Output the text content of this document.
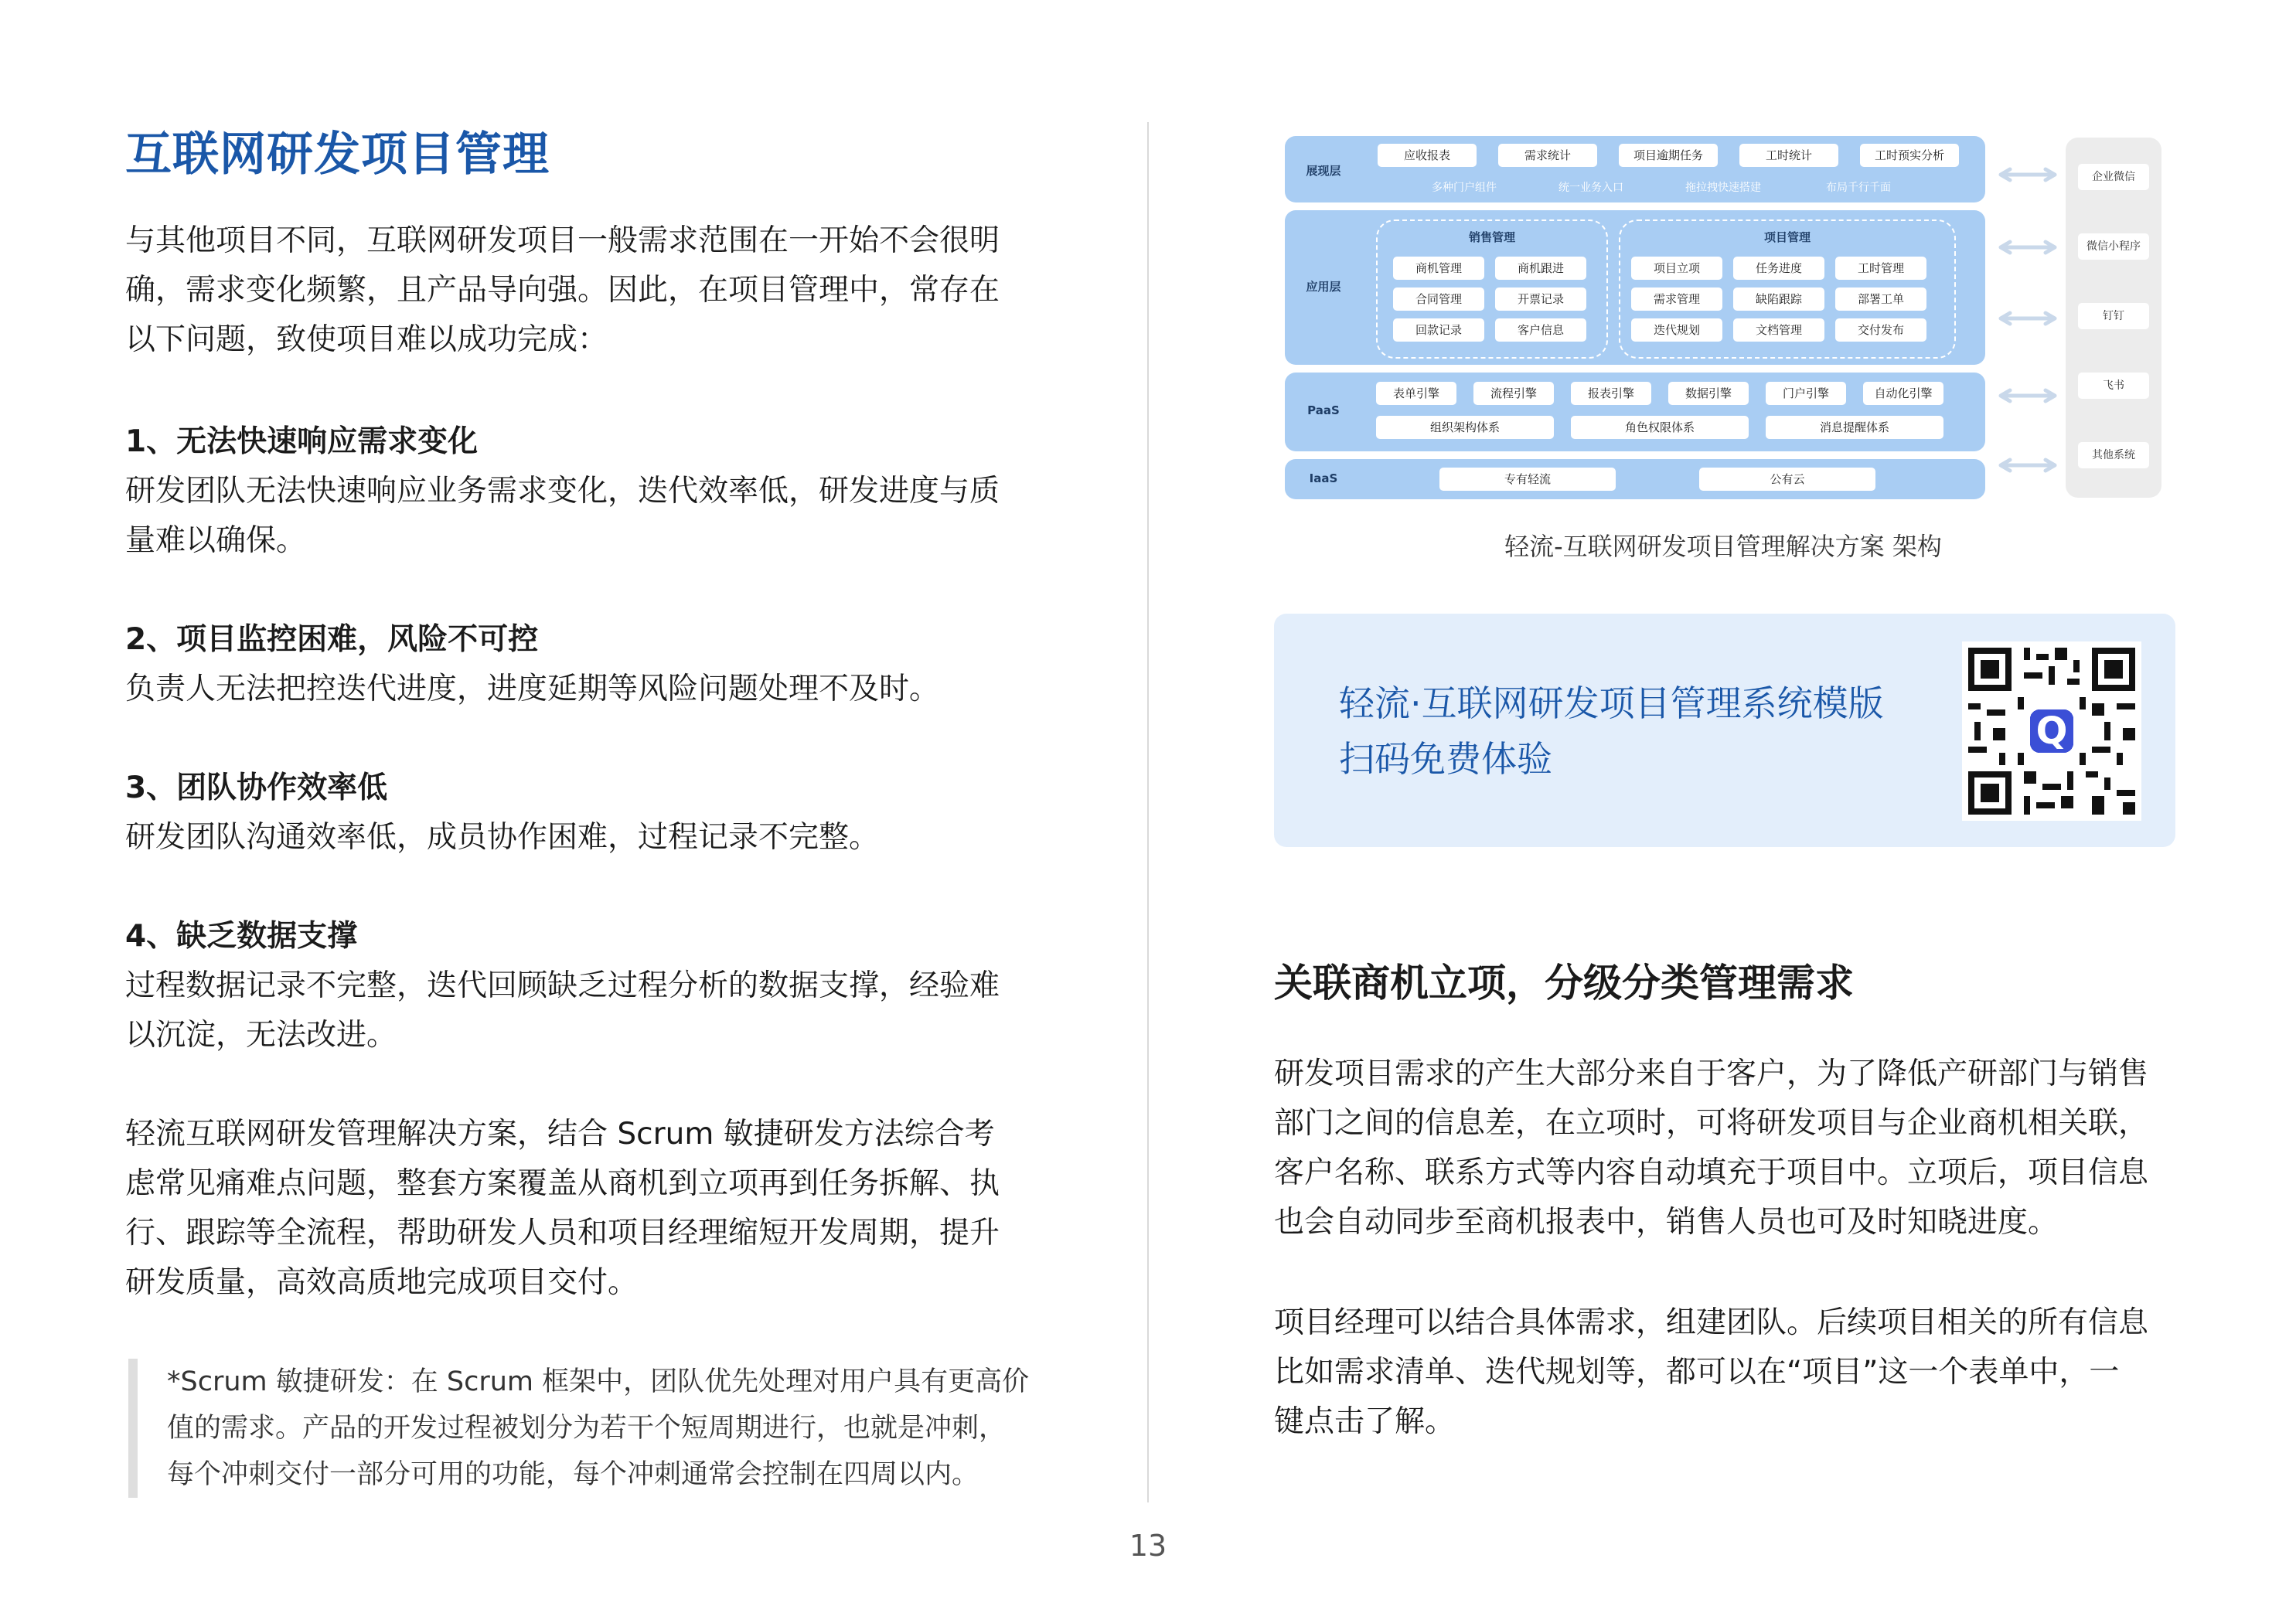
互联网研发项目管理

与其他项目不同，互联网研发项目一般需求范围在一开始不会很明

确，需求变化频繁，且产品导向强。因此，在项目管理中，常存在

以下问题，致使项目难以成功完成：

1、无法快速响应需求变化

研发团队无法快速响应业务需求变化，迭代效率低，研发进度与质

量难以确保。

2、项目监控困难，风险不可控

负责人无法把控迭代进度，进度延期等风险问题处理不及时。

3、团队协作效率低

研发团队沟通效率低，成员协作困难，过程记录不完整。

4、缺乏数据支撑

过程数据记录不完整，迭代回顾缺乏过程分析的数据支撑，经验难

以沉淀，无法改进。

轻流互联网研发管理解决方案，结合 Scrum 敏捷研发方法综合考

虑常见痛难点问题，整套方案覆盖从商机到立项再到任务拆解、执

行、跟踪等全流程，帮助研发人员和项目经理缩短开发周期，提升

研发质量，高效高质地完成项目交付。

*Scrum 敏捷研发：在 Scrum 框架中，团队优先处理对用户具有更高价

值的需求。产品的开发过程被划分为若干个短周期进行，也就是冲刺，

每个冲刺交付一部分可用的功能，每个冲刺通常会控制在四周以内。

13
展现层
应收报表	需求统计	项目逾期任务	工时统计	工时预实分析
多种门户组件	统一业务入口	拖拉拽快速搭建	布局千行千面
应用层
销售管理
商机管理	商机跟进
合同管理	开票记录
回款记录	客户信息
项目管理
项目立项	任务进度	工时管理
需求管理	缺陷跟踪	部署工单
迭代规划	文档管理	交付发布
PaaS
表单引擎	流程引擎	报表引擎	数据引擎	门户引擎	自动化引擎
组织架构体系	角色权限体系	消息提醒体系
IaaS	专有轻流	公有云
企业微信
微信小程序
钉钉
飞书
其他系统
轻流-互联网研发项目管理解决方案 架构
轻流·互联网研发项目管理系统模版
扫码免费体验
Q
关联商机立项，分级分类管理需求

研发项目需求的产生大部分来自于客户，为了降低产研部门与销售

部门之间的信息差，在立项时，可将研发项目与企业商机相关联，

客户名称、联系方式等内容自动填充于项目中。立项后，项目信息

也会自动同步至商机报表中，销售人员也可及时知晓进度。

项目经理可以结合具体需求，组建团队。后续项目相关的所有信息

比如需求清单、迭代规划等，都可以在“项目”这一个表单中，一

键点击了解。
